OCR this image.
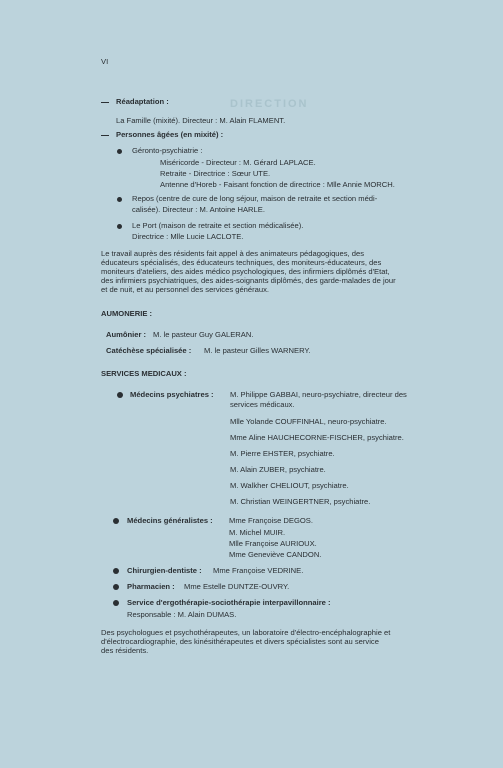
VI
DIRECTION
Réadaptation :
La Famille (mixité). Directeur : M. Alain FLAMENT.
Personnes âgées (en mixité) :
Géronto-psychiatrie :
Miséricorde - Directeur : M. Gérard LAPLACE.
Retraite - Directrice : Sœur UTE.
Antenne d'Horeb - Faisant fonction de directrice : Mlle Annie MORCH.
Repos (centre de cure de long séjour, maison de retraite et section médi-
calisée). Directeur : M. Antoine HARLE.
Le Port (maison de retraite et section médicalisée).
Directrice : Mlle Lucie LACLOTE.
Le travail auprès des résidents fait appel à des animateurs pédagogiques, des
éducateurs spécialisés, des éducateurs techniques, des moniteurs-éducateurs, des
moniteurs d'ateliers, des aides médico psychologiques, des infirmiers diplômés d'Etat,
des infirmiers psychiatriques, des aides-soignants diplômés, des garde-malades de jour
et de nuit, et au personnel des services généraux.
AUMONERIE :
Aumônier : M. le pasteur Guy GALERAN.
Catéchèse spécialisée : M. le pasteur Gilles WARNERY.
SERVICES MEDICAUX :
Médecins psychiatres : M. Philippe GABBAI, neuro-psychiatre, directeur des
services médicaux.
Mlle Yolande COUFFINHAL, neuro-psychiatre.
Mme Aline HAUCHECORNE-FISCHER, psychiatre.
M. Pierre EHSTER, psychiatre.
M. Alain ZUBER, psychiatre.
M. Walkher CHELIOUT, psychiatre.
M. Christian WEINGERTNER, psychiatre.
Médecins généralistes : Mme Françoise DEGOS.
M. Michel MUIR.
Mlle Françoise AURIOUX.
Mme Geneviève CANDON.
Chirurgien-dentiste : Mme Françoise VEDRINE.
Pharmacien : Mme Estelle DUNTZE-OUVRY.
Service d'ergothérapie-sociothérapie interpavillonnaire :
Responsable : M. Alain DUMAS.
Des psychologues et psychothérapeutes, un laboratoire d'électro-encéphalographie et
d'électrocardiographie, des kinésithérapeutes et divers spécialistes sont au service
des résidents.
